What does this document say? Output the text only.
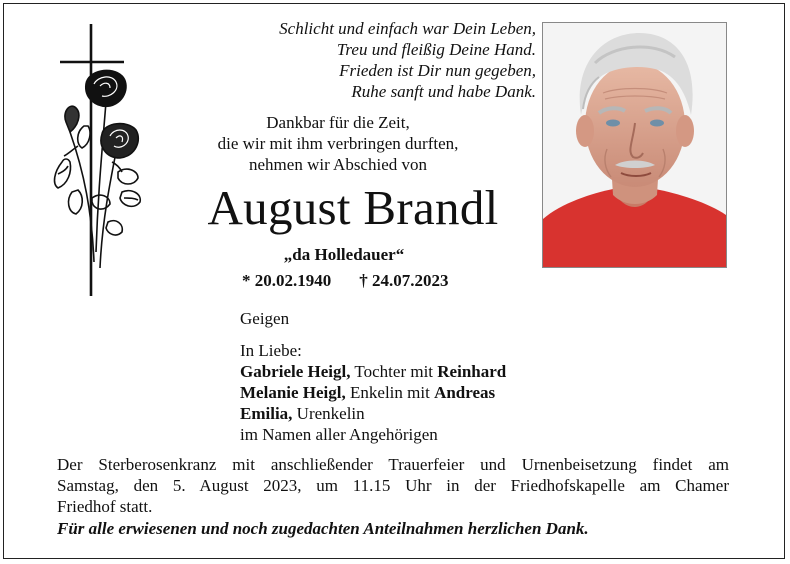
Schlicht und einfach war Dein Leben,
Treu und fleißig Deine Hand.
Frieden ist Dir nun gegeben,
Ruhe sanft und habe Dank.
Dankbar für die Zeit,
die wir mit ihm verbringen durften,
nehmen wir Abschied von
August Brandl
„da Holledauer“
* 20.02.1940 † 24.07.2023
Geigen
In Liebe:
Gabriele Heigl, Tochter mit Reinhard
Melanie Heigl, Enkelin mit Andreas
Emilia, Urenkelin
im Namen aller Angehörigen
Der Sterberosenkranz mit anschließender Trauerfeier und Urnenbeisetzung findet am
Samstag, den 5. August 2023, um 11.15 Uhr in der Friedhofskapelle am Chamer
Friedhof statt.
Für alle erwiesenen und noch zugedachten Anteilnahmen herzlichen Dank.
